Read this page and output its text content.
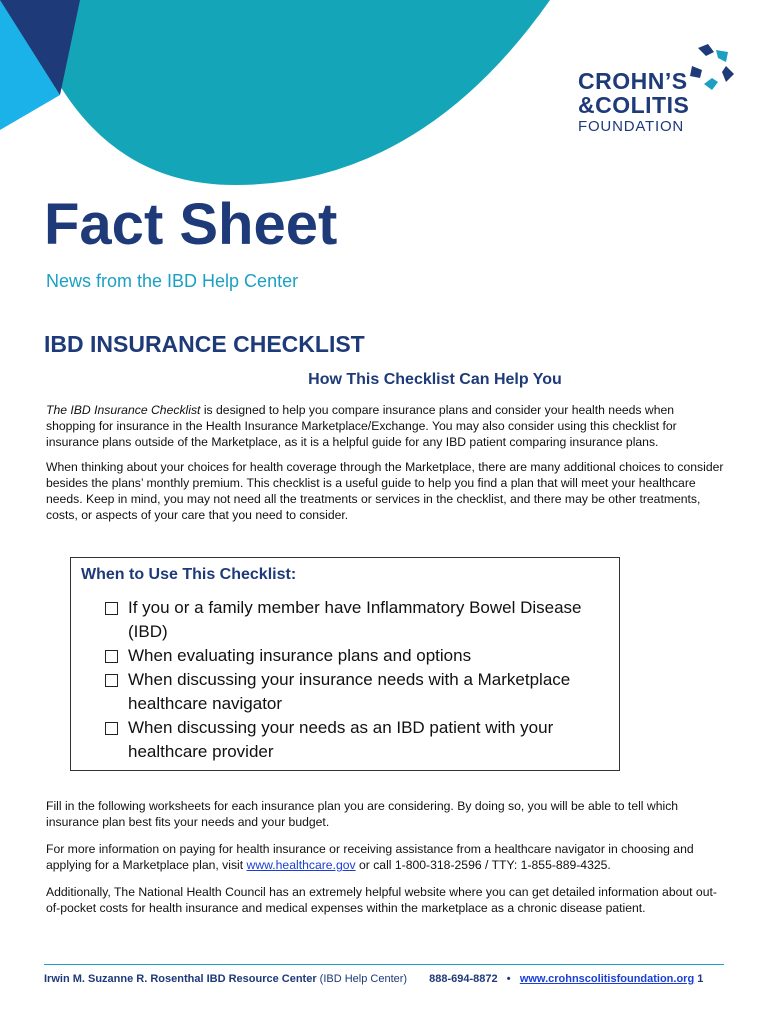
CROHN’S
&COLITIS
FOUNDATION
Fact Sheet

News from the IBD Help Center

IBD INSURANCE CHECKLIST
How This Checklist Can Help You

The IBD Insurance Checklist is designed to help you compare insurance plans and consider your health needs when shopping for insurance in the Health Insurance Marketplace/Exchange. You may also consider using this checklist for insurance plans outside of the Marketplace, as it is a helpful guide for any IBD patient comparing insurance plans.

When thinking about your choices for health coverage through the Marketplace, there are many additional choices to consider besides the plans’ monthly premium. This checklist is a useful guide to help you find a plan that will meet your healthcare needs. Keep in mind, you may not need all the treatments or services in the checklist, and there may be other treatments, costs, or aspects of your care that you need to consider.

When to Use This Checklist:
If you or a family member have Inflammatory Bowel Disease (IBD)
When evaluating insurance plans and options
When discussing your insurance needs with a Marketplace healthcare navigator
When discussing your needs as an IBD patient with your healthcare provider

Fill in the following worksheets for each insurance plan you are considering. By doing so, you will be able to tell which insurance plan best fits your needs and your budget.

For more information on paying for health insurance or receiving assistance from a healthcare navigator in choosing and applying for a Marketplace plan, visit www.healthcare.gov or call 1-800-318-2596 / TTY: 1-855-889-4325.

Additionally, The National Health Council has an extremely helpful website where you can get detailed information about out-of-pocket costs for health insurance and medical expenses within the marketplace as a chronic disease patient.

Irwin M. Suzanne R. Rosenthal IBD Resource Center (IBD Help Center) 888-694-8872 • www.crohnscolitisfoundation.org 1
